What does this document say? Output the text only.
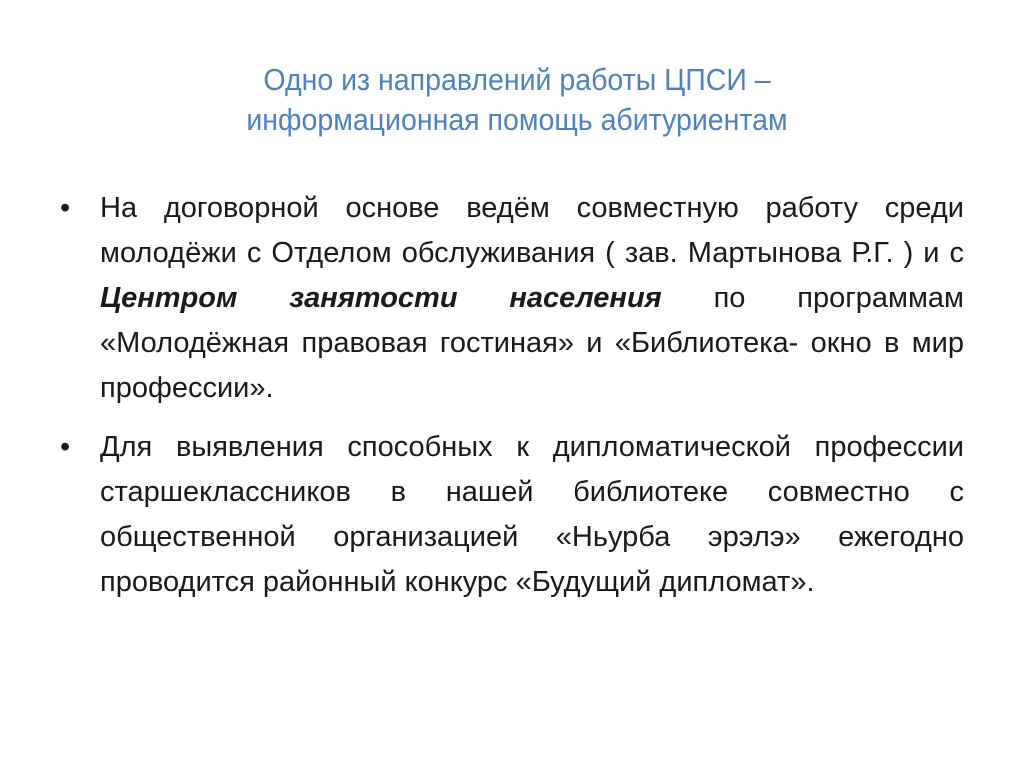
Одно из направлений работы ЦПСИ –
информационная помощь абитуриентам

•	На договорной основе ведём совместную работу среди молодёжи с Отделом обслуживания ( зав. Мартынова Р.Г. ) и с Центром занятости населения по программам «Молодёжная правовая гостиная» и «Библиотека- окно в мир профессии».

•	Для выявления способных к дипломатической профессии старшеклассников в нашей библиотеке совместно с общественной организацией «Ньурба эрэлэ» ежегодно проводится районный конкурс «Будущий дипломат».
